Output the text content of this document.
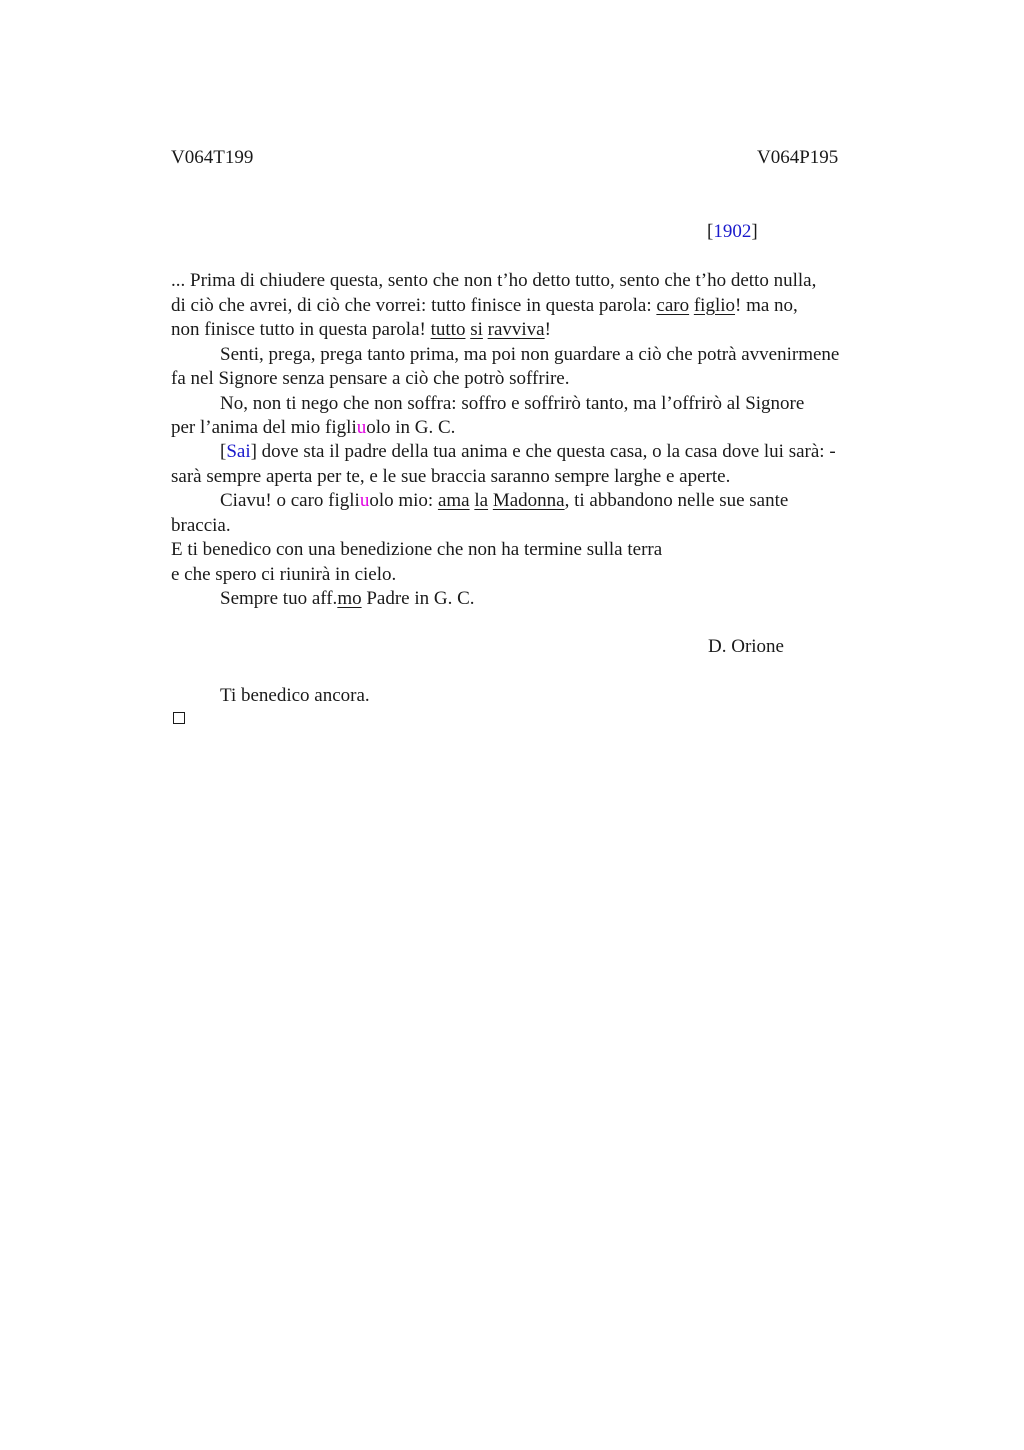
V064T199	V064P195
[1902]
... Prima di chiudere questa, sento che non t’ho detto tutto, sento che t’ho detto nulla,
di ciò che avrei, di ciò che vorrei: tutto finisce in questa parola: caro figlio! ma no,
non finisce tutto in questa parola! tutto si ravviva!
Senti, prega, prega tanto prima, ma poi non guardare a ciò che potrà avvenirmene
fa nel Signore senza pensare a ciò che potrò soffrire.
No, non ti nego che non soffra: soffro e soffrirò tanto, ma l’offrirò al Signore
per l’anima del mio figliuolo in G. C.
[Sai] dove sta il padre della tua anima e che questa casa, o la casa dove lui sarà: -
sarà sempre aperta per te, e le sue braccia saranno sempre larghe e aperte.
Ciavu! o caro figliuolo mio: ama la Madonna, ti abbandono nelle sue sante
braccia.
E ti benedico con una benedizione che non ha termine sulla terra
e che spero ci riunirà in cielo.
Sempre tuo aff.mo Padre in G. C.
D. Orione
Ti benedico ancora.
